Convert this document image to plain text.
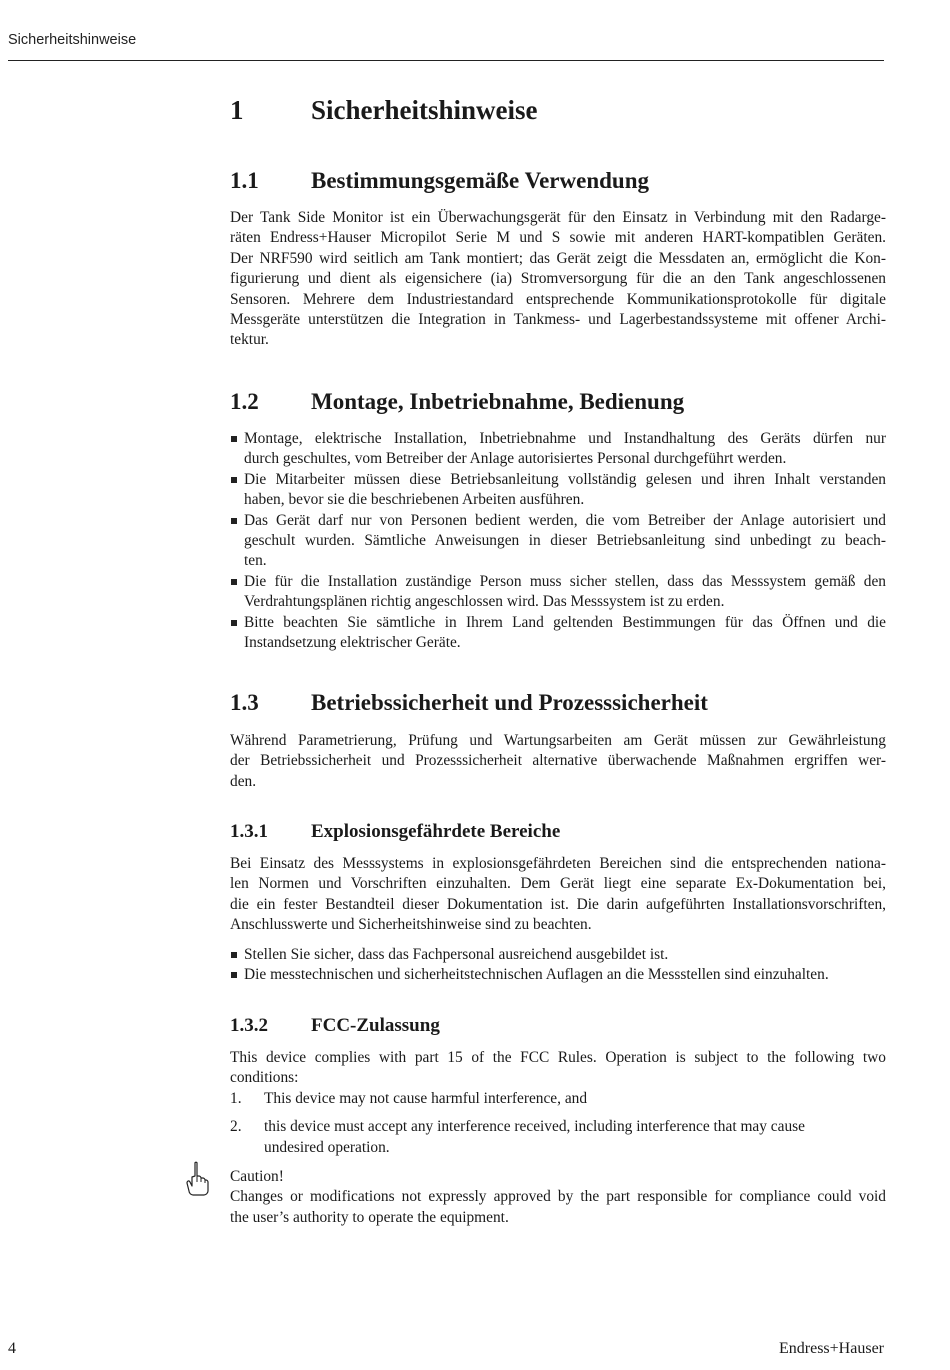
Sicherheitshinweise
1	Sicherheitshinweise
1.1 Bestimmungsgemäße Verwendung
Der Tank Side Monitor ist ein Überwachungsgerät für den Einsatz in Verbindung mit den Radarge-
räten Endress+Hauser Micropilot Serie M und S sowie mit anderen HART-kompatiblen Geräten.
Der NRF590 wird seitlich am Tank montiert; das Gerät zeigt die Messdaten an, ermöglicht die Kon-
figurierung und dient als eigensichere (ia) Stromversorgung für die an den Tank angeschlossenen
Sensoren. Mehrere dem Industriestandard entsprechende Kommunikationsprotokolle für digitale
Messgeräte unterstützen die Integration in Tankmess- und Lagerbestandssysteme mit offener Archi-
tektur.
1.2 Montage, Inbetriebnahme, Bedienung
Montage, elektrische Installation, Inbetriebnahme und Instandhaltung des Geräts dürfen nur
durch geschultes, vom Betreiber der Anlage autorisiertes Personal durchgeführt werden.
Die Mitarbeiter müssen diese Betriebsanleitung vollständig gelesen und ihren Inhalt verstanden
haben, bevor sie die beschriebenen Arbeiten ausführen.
Das Gerät darf nur von Personen bedient werden, die vom Betreiber der Anlage autorisiert und
geschult wurden. Sämtliche Anweisungen in dieser Betriebsanleitung sind unbedingt zu beach-
ten.
Die für die Installation zuständige Person muss sicher stellen, dass das Messsystem gemäß den
Verdrahtungsplänen richtig angeschlossen wird. Das Messsystem ist zu erden.
Bitte beachten Sie sämtliche in Ihrem Land geltenden Bestimmungen für das Öffnen und die
Instandsetzung elektrischer Geräte.
1.3 Betriebssicherheit und Prozesssicherheit
Während Parametrierung, Prüfung und Wartungsarbeiten am Gerät müssen zur Gewährleistung
der Betriebssicherheit und Prozesssicherheit alternative überwachende Maßnahmen ergriffen wer-
den.
1.3.1 Explosionsgefährdete Bereiche
Bei Einsatz des Messsystems in explosionsgefährdeten Bereichen sind die entsprechenden nationa-
len Normen und Vorschriften einzuhalten. Dem Gerät liegt eine separate Ex-Dokumentation bei,
die ein fester Bestandteil dieser Dokumentation ist. Die darin aufgeführten Installationsvorschriften,
Anschlusswerte und Sicherheitshinweise sind zu beachten.
Stellen Sie sicher, dass das Fachpersonal ausreichend ausgebildet ist.
Die messtechnischen und sicherheitstechnischen Auflagen an die Messstellen sind einzuhalten.
1.3.2 FCC-Zulassung
This device complies with part 15 of the FCC Rules. Operation is subject to the following two
conditions:
1. This device may not cause harmful interference, and
2. this device must accept any interference received, including interference that may cause
undesired operation.
Caution!
Changes or modifications not expressly approved by the part responsible for compliance could void
the user’s authority to operate the equipment.
4	Endress+Hauser
